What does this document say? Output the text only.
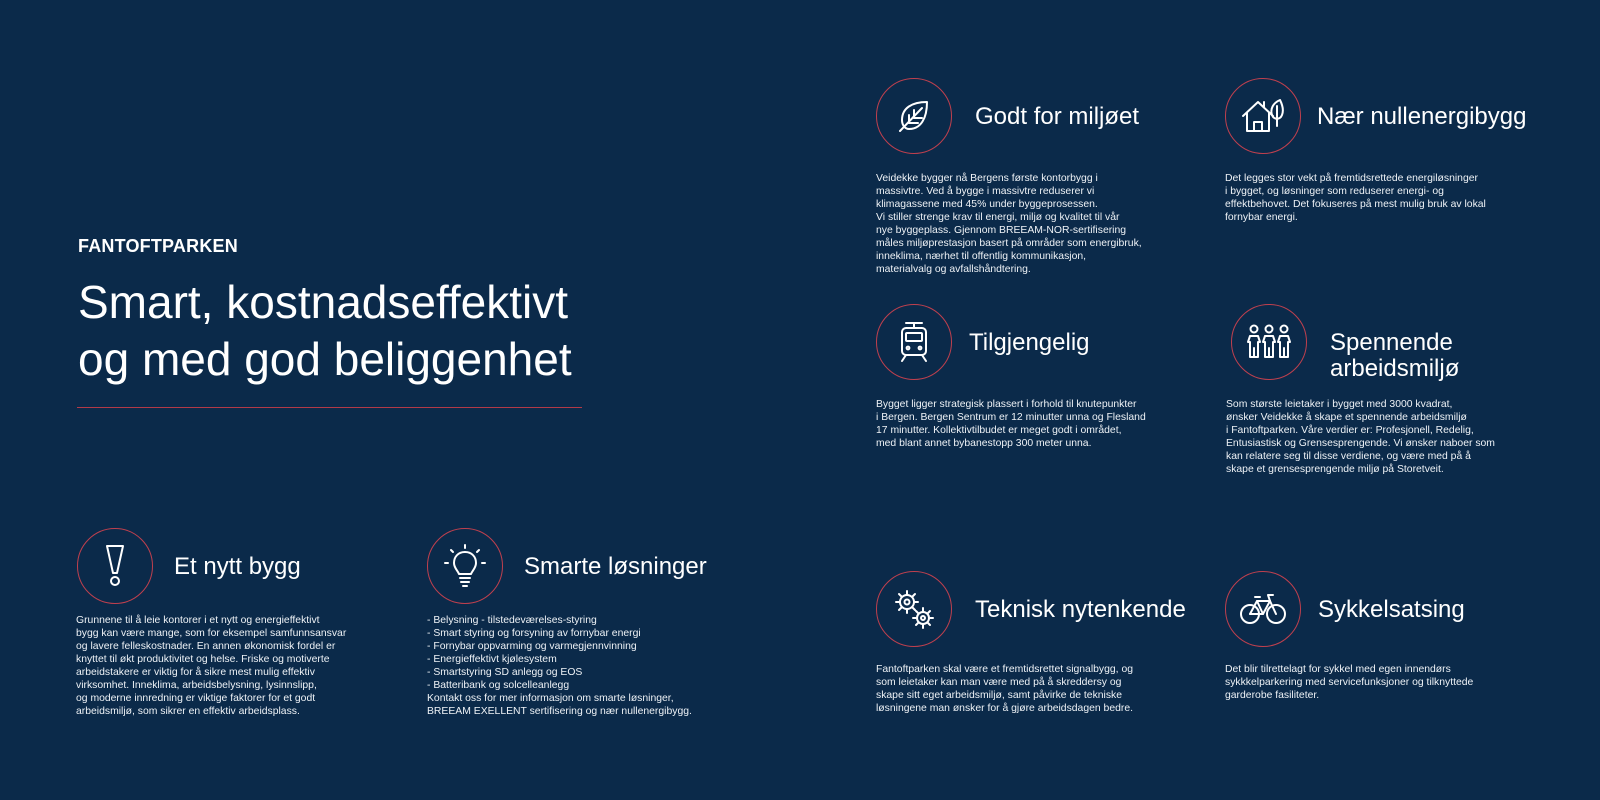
FANTOFTPARKEN
Smart, kostnadseffektivt
og med god beliggenhet
Godt for miljøet
Veidekke bygger nå Bergens første kontorbygg i
massivtre. Ved å bygge i massivtre reduserer vi
klimagassene med 45% under byggeprosessen.
Vi stiller strenge krav til energi, miljø og kvalitet til vår
nye byggeplass. Gjennom BREEAM-NOR-sertifisering
måles miljøprestasjon basert på områder som energibruk,
inneklima, nærhet til offentlig kommunikasjon,
materialvalg og avfallshåndtering.
Nær nullenergibygg
Det legges stor vekt på fremtidsrettede energiløsninger
i bygget, og løsninger som reduserer energi- og
effektbehovet. Det fokuseres på mest mulig bruk av lokal
fornybar energi.
Tilgjengelig
Bygget ligger strategisk plassert i forhold til knutepunkter
i Bergen. Bergen Sentrum er 12 minutter unna og Flesland
17 minutter. Kollektivtilbudet er meget godt i området,
med blant annet bybanestopp 300 meter unna.
Spennende
arbeidsmiljø
Som største leietaker i bygget med 3000 kvadrat,
ønsker Veidekke å skape et spennende arbeidsmiljø
i Fantoftparken. Våre verdier er: Profesjonell, Redelig,
Entusiastisk og Grensesprengende. Vi ønsker naboer som
kan relatere seg til disse verdiene, og være med på å
skape et grensesprengende miljø på Storetveit.
Et nytt bygg
Grunnene til å leie kontorer i et nytt og energieffektivt
bygg kan være mange, som for eksempel samfunnsansvar
og lavere felleskostnader. En annen økonomisk fordel er
knyttet til økt produktivitet og helse. Friske og motiverte
arbeidstakere er viktig for å sikre mest mulig effektiv
virksomhet. Inneklima, arbeidsbelysning, lysinnslipp,
og moderne innredning er viktige faktorer for et godt
arbeidsmiljø, som sikrer en effektiv arbeidsplass.
Smarte løsninger
- Belysning - tilstedeværelses-styring
- Smart styring og forsyning av fornybar energi
- Fornybar oppvarming og varmegjennvinning
- Energieffektivt kjølesystem
- Smartstyring SD anlegg og EOS
- Batteribank og solcelleanlegg
Kontakt oss for mer informasjon om smarte løsninger,
BREEAM EXELLENT sertifisering og nær nullenergibygg.
Teknisk nytenkende
Fantoftparken skal være et fremtidsrettet signalbygg, og
som leietaker kan man være med på å skreddersy og
skape sitt eget arbeidsmiljø, samt påvirke de tekniske
løsningene man ønsker for å gjøre arbeidsdagen bedre.
Sykkelsatsing
Det blir tilrettelagt for sykkel med egen innendørs
sykkkelparkering med servicefunksjoner og tilknyttede
garderobe fasiliteter.
